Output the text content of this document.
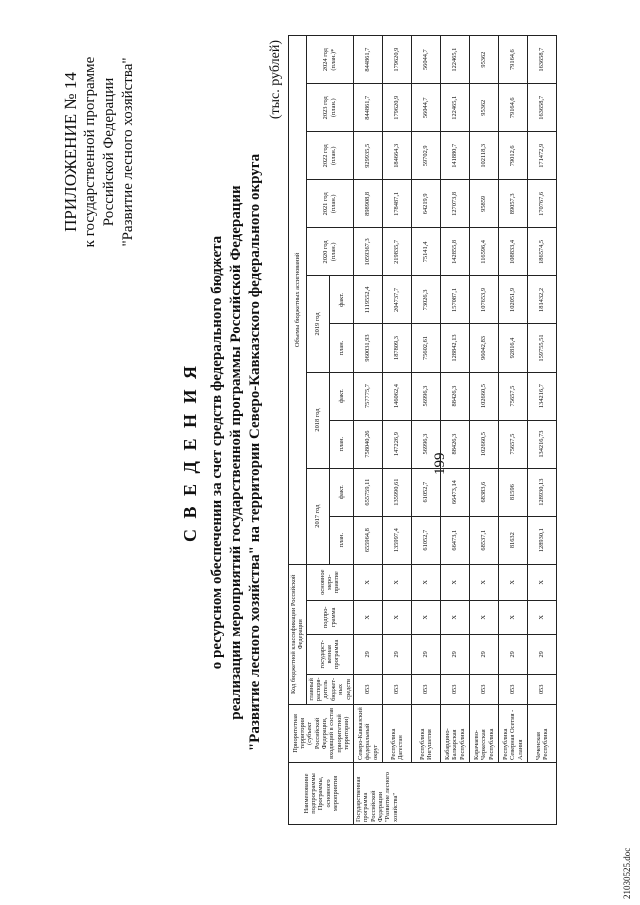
199
ПРИЛОЖЕНИЕ № 14 к государственной программе Российской Федерации "Развитие лесного хозяйства"
С В Е Д Е Н И Я о ресурсном обеспечении за счет средств федерального бюджета реализации мероприятий государственной программы Российской Федерации "Развитие лесного хозяйства" на территории Северо-Кавказского федерального округа
(тыс. рублей)
Наименование подпрограммы Программы, основного мероприятия	Приоритетная территория (субъект Российской Федерации, входящий в состав приоритетной территории)	Код бюджетной классификации Российской Федерации				Объемы бюджетных ассигнований										
		главный распоря-дитель бюджет-ных средств	государст-венная программа	подпро-грамма	основное меро-приятие	2017 год		2018 год		2019 год		2020 год (план.)	2021 год (план.)	2022 год (план.)	2023 год (план.)	2024 год (план.)*
						план.	факт.	план.	факт.	план.	факт.					
Государственная программа Российской Федерации "Развитие лесного хозяйства"	Северо-Кавказский федеральный округ	053	29	Х	Х	655964,8	655759,11	758040,26	757775,7	960031,93	1119552,4	1059367,3	898908,8	929935,5	844861,7	844861,7
	Республика Дагестан	053	29	Х	Х	135997,4	135990,61	147226,9	146062,4	187809,3	204737,7	219835,7	178487,1	184664,3	179620,9	179620,9
	Республика Ингушетия	053	29	Х	Х	61052,7	61052,7	56996,3	56996,3	75602,61	73026,3	75141,4	64219,9	59702,9	56044,7	56044,7
	Кабардино-Балкарская Республика	053	29	Х	Х	66473,1	66473,14	88426,3	88426,3	128842,13	157087,1	142855,8	127073,8	141880,7	122465,1	122465,1
	Карачаево-Черкесская Республика	053	29	Х	Х	68537,1	68383,6	102660,5	102660,5	96042,83	107653,9	116596,4	95859	102118,3	95362	95362
	Республика Северная Осетия - Алания	053	29	Х	Х	81632	81596	75657,5	75657,5	92816,4	102051,9	108833,4	89057,3	79012,6	79164,6	79164,6
	Чеченская Республика	053	29	Х	Х	128930,1	128930,13	134216,73	134216,7	159755,51	181432,2	186574,5	170767,6	171472,9	163658,7	163658,7
21030525.doc
